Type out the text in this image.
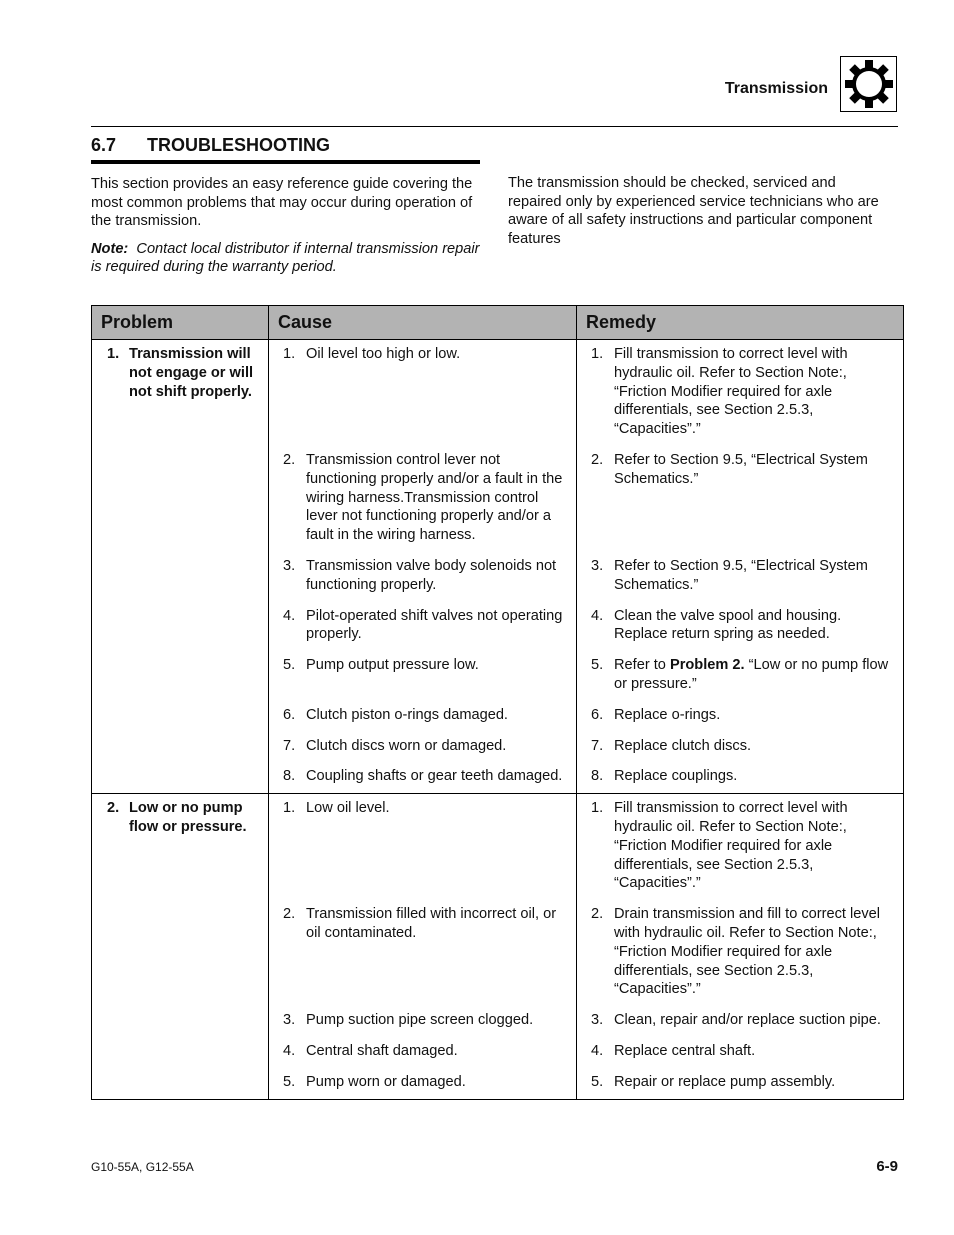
Transmission
6.7 TROUBLESHOOTING

This section provides an easy reference guide covering the most common problems that may occur during operation of the transmission.

Note: Contact local distributor if internal transmission repair is required during the warranty period.

The transmission should be checked, serviced and repaired only by experienced service technicians who are aware of all safety instructions and particular component features

Problem	Cause	Remedy

1. Transmission will not engage or will not shift properly.	1. Oil level too high or low.	1. Fill transmission to correct level with hydraulic oil. Refer to Section Note:, “Friction Modifier required for axle differentials, see Section 2.5.3, “Capacities”.”

	2. Transmission control lever not functioning properly and/or a fault in the wiring harness.Transmission control lever not functioning properly and/or a fault in the wiring harness.	2. Refer to Section 9.5, “Electrical System Schematics.”

	3. Transmission valve body solenoids not functioning properly.	3. Refer to Section 9.5, “Electrical System Schematics.”

	4. Pilot-operated shift valves not operating properly.	4. Clean the valve spool and housing. Replace return spring as needed.

	5. Pump output pressure low.	5. Refer to Problem 2. “Low or no pump flow or pressure.”

	6. Clutch piston o-rings damaged.	6. Replace o-rings.

	7. Clutch discs worn or damaged.	7. Replace clutch discs.

	8. Coupling shafts or gear teeth damaged.	8. Replace couplings.

2. Low or no pump flow or pressure.	1. Low oil level.	1. Fill transmission to correct level with hydraulic oil. Refer to Section Note:, “Friction Modifier required for axle differentials, see Section 2.5.3, “Capacities”.”

	2. Transmission filled with incorrect oil, or oil contaminated.	2. Drain transmission and fill to correct level with hydraulic oil. Refer to Section Note:, “Friction Modifier required for axle differentials, see Section 2.5.3, “Capacities”.”

	3. Pump suction pipe screen clogged.	3. Clean, repair and/or replace suction pipe.

	4. Central shaft damaged.	4. Replace central shaft.

	5. Pump worn or damaged.	5. Repair or replace pump assembly.
G10-55A, G12-55A	6-9
